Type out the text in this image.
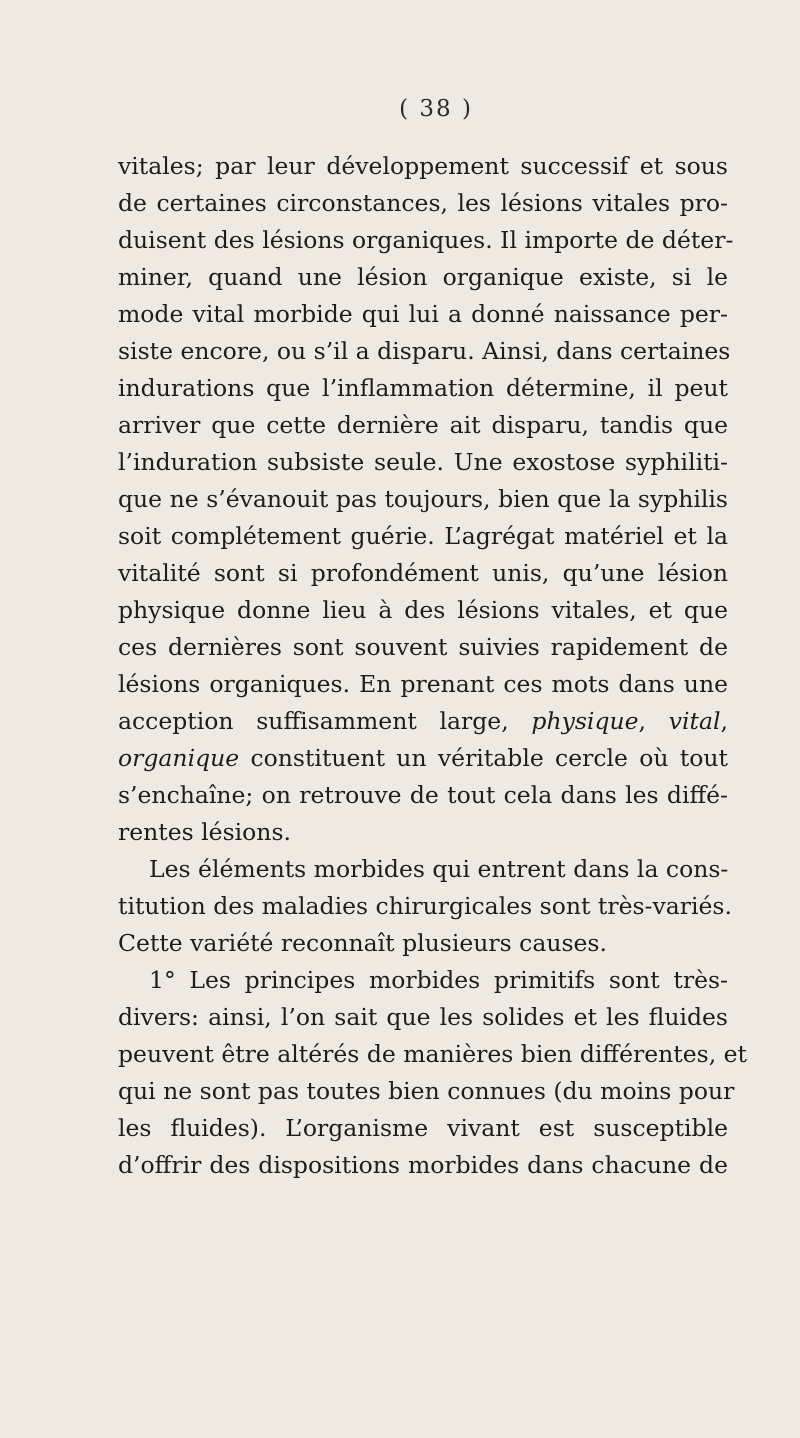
( 38 )
vitales; par leur développement successif et sous
de certaines circonstances, les lésions vitales pro-
duisent des lésions organiques. Il importe de déter-
miner, quand une lésion organique existe, si le
mode vital morbide qui lui a donné naissance per-
siste encore, ou s’il a disparu. Ainsi, dans certaines
indurations que l’inflammation détermine, il peut
arriver que cette dernière ait disparu, tandis que
l’induration subsiste seule. Une exostose syphiliti-
que ne s’évanouit pas toujours, bien que la syphilis
soit complétement guérie. L’agrégat matériel et la
vitalité sont si profondément unis, qu’une lésion
physique donne lieu à des lésions vitales, et que
ces dernières sont souvent suivies rapidement de
lésions organiques. En prenant ces mots dans une
acception suffisamment large, physique, vital,
organique constituent un véritable cercle où tout
s’enchaîne; on retrouve de tout cela dans les diffé-
rentes lésions.
Les éléments morbides qui entrent dans la cons-
titution des maladies chirurgicales sont très-variés.
Cette variété reconnaît plusieurs causes.
1° Les principes morbides primitifs sont très-
divers: ainsi, l’on sait que les solides et les fluides
peuvent être altérés de manières bien différentes, et
qui ne sont pas toutes bien connues (du moins pour
les fluides). L’organisme vivant est susceptible
d’offrir des dispositions morbides dans chacune de
